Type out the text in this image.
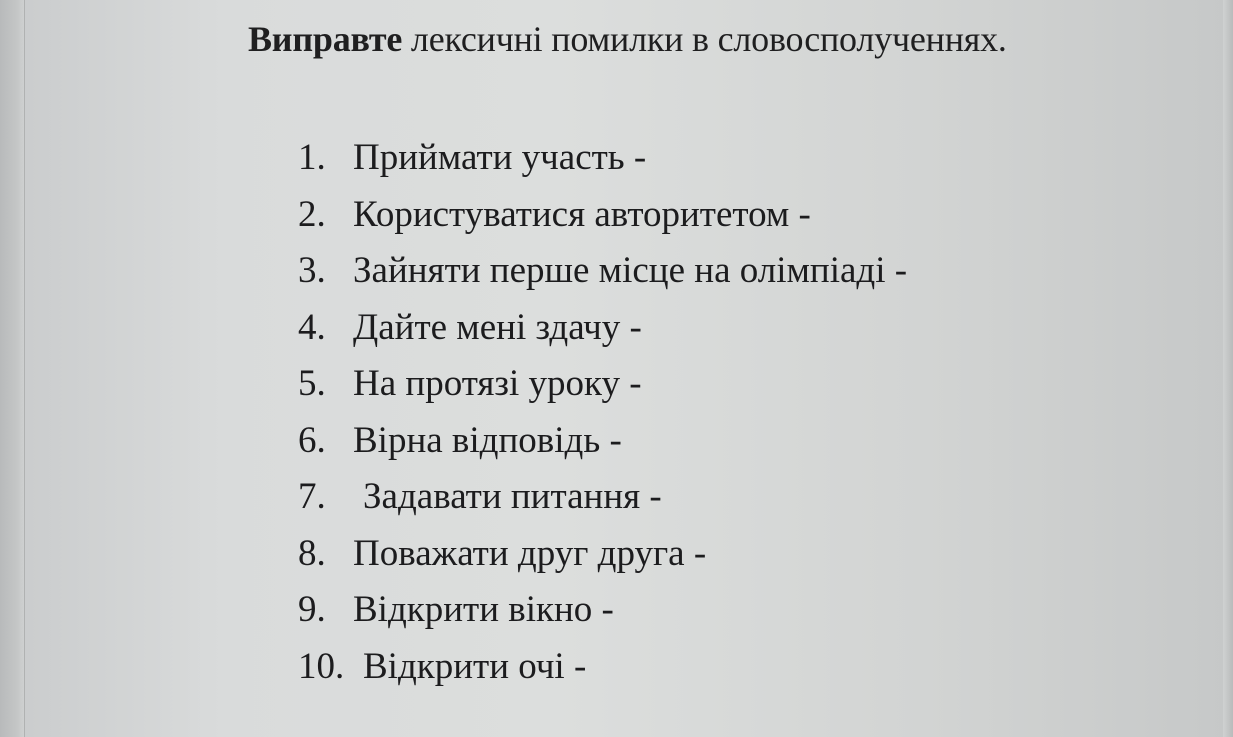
Виправте лексичні помилки в словосполученнях.
1. Приймати участь -
2. Користуватися авторитетом -
3. Зайняти перше місце на олімпіаді -
4. Дайте мені здачу -
5. На протязі уроку -
6. Вірна відповідь -
7. Задавати питання -
8. Поважати друг друга -
9. Відкрити вікно -
10. Відкрити очі -
